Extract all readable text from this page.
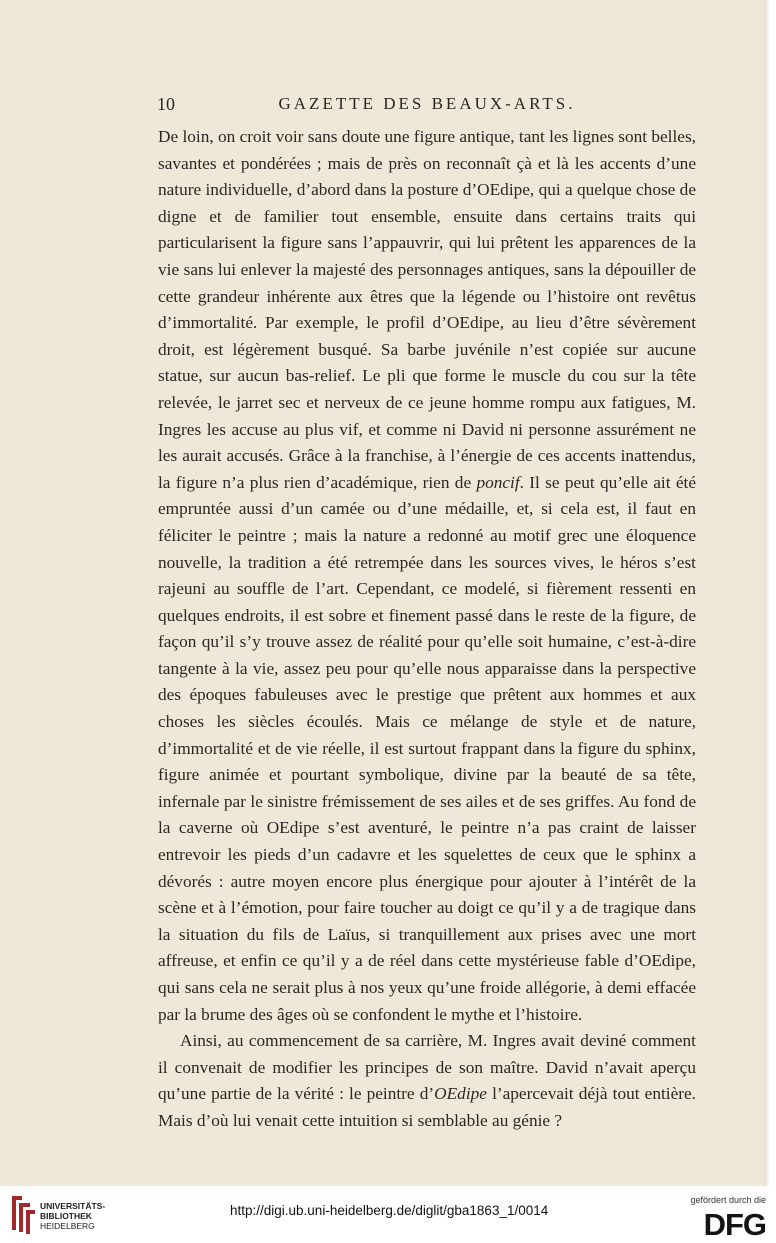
10	GAZETTE DES BEAUX-ARTS.

De loin, on croit voir sans doute une figure antique, tant les lignes sont belles, savantes et pondérées ; mais de près on reconnaît çà et là les accents d’une nature individuelle, d’abord dans la posture d’OEdipe, qui a quelque chose de digne et de familier tout ensemble, ensuite dans certains traits qui particularisent la figure sans l’appauvrir, qui lui prêtent les apparences de la vie sans lui enlever la majesté des personnages antiques, sans la dépouiller de cette grandeur inhérente aux êtres que la légende ou l’histoire ont revêtus d’immortalité. Par exemple, le profil d’OEdipe, au lieu d’être sévèrement droit, est légèrement busqué. Sa barbe juvénile n’est copiée sur aucune statue, sur aucun bas-relief. Le pli que forme le muscle du cou sur la tête relevée, le jarret sec et nerveux de ce jeune homme rompu aux fatigues, M. Ingres les accuse au plus vif, et comme ni David ni personne assurément ne les aurait accusés. Grâce à la franchise, à l’énergie de ces accents inattendus, la figure n’a plus rien d’académique, rien de poncif. Il se peut qu’elle ait été empruntée aussi d’un camée ou d’une médaille, et, si cela est, il faut en féliciter le peintre ; mais la nature a redonné au motif grec une éloquence nouvelle, la tradition a été retrempée dans les sources vives, le héros s’est rajeuni au souffle de l’art. Cependant, ce modelé, si fièrement ressenti en quelques endroits, il est sobre et finement passé dans le reste de la figure, de façon qu’il s’y trouve assez de réalité pour qu’elle soit humaine, c’est-à-dire tangente à la vie, assez peu pour qu’elle nous apparaisse dans la perspective des époques fabuleuses avec le prestige que prêtent aux hommes et aux choses les siècles écoulés. Mais ce mélange de style et de nature, d’immortalité et de vie réelle, il est surtout frappant dans la figure du sphinx, figure animée et pourtant symbolique, divine par la beauté de sa tête, infernale par le sinistre frémissement de ses ailes et de ses griffes. Au fond de la caverne où OEdipe s’est aventuré, le peintre n’a pas craint de laisser entrevoir les pieds d’un cadavre et les squelettes de ceux que le sphinx a dévorés : autre moyen encore plus énergique pour ajouter à l’intérêt de la scène et à l’émotion, pour faire toucher au doigt ce qu’il y a de tragique dans la situation du fils de Laïus, si tranquillement aux prises avec une mort affreuse, et enfin ce qu’il y a de réel dans cette mystérieuse fable d’OEdipe, qui sans cela ne serait plus à nos yeux qu’une froide allégorie, à demi effacée par la brume des âges où se confondent le mythe et l’histoire.

Ainsi, au commencement de sa carrière, M. Ingres avait deviné comment il convenait de modifier les principes de son maître. David n’avait aperçu qu’une partie de la vérité : le peintre d’OEdipe l’apercevait déjà tout entière. Mais d’où lui venait cette intuition si semblable au génie ?

UNIVERSITÄTS-
BIBLIOTHEK
HEIDELBERG
http://digi.ub.uni-heidelberg.de/diglit/gba1863_1/0014
gefördert durch die
DFG
